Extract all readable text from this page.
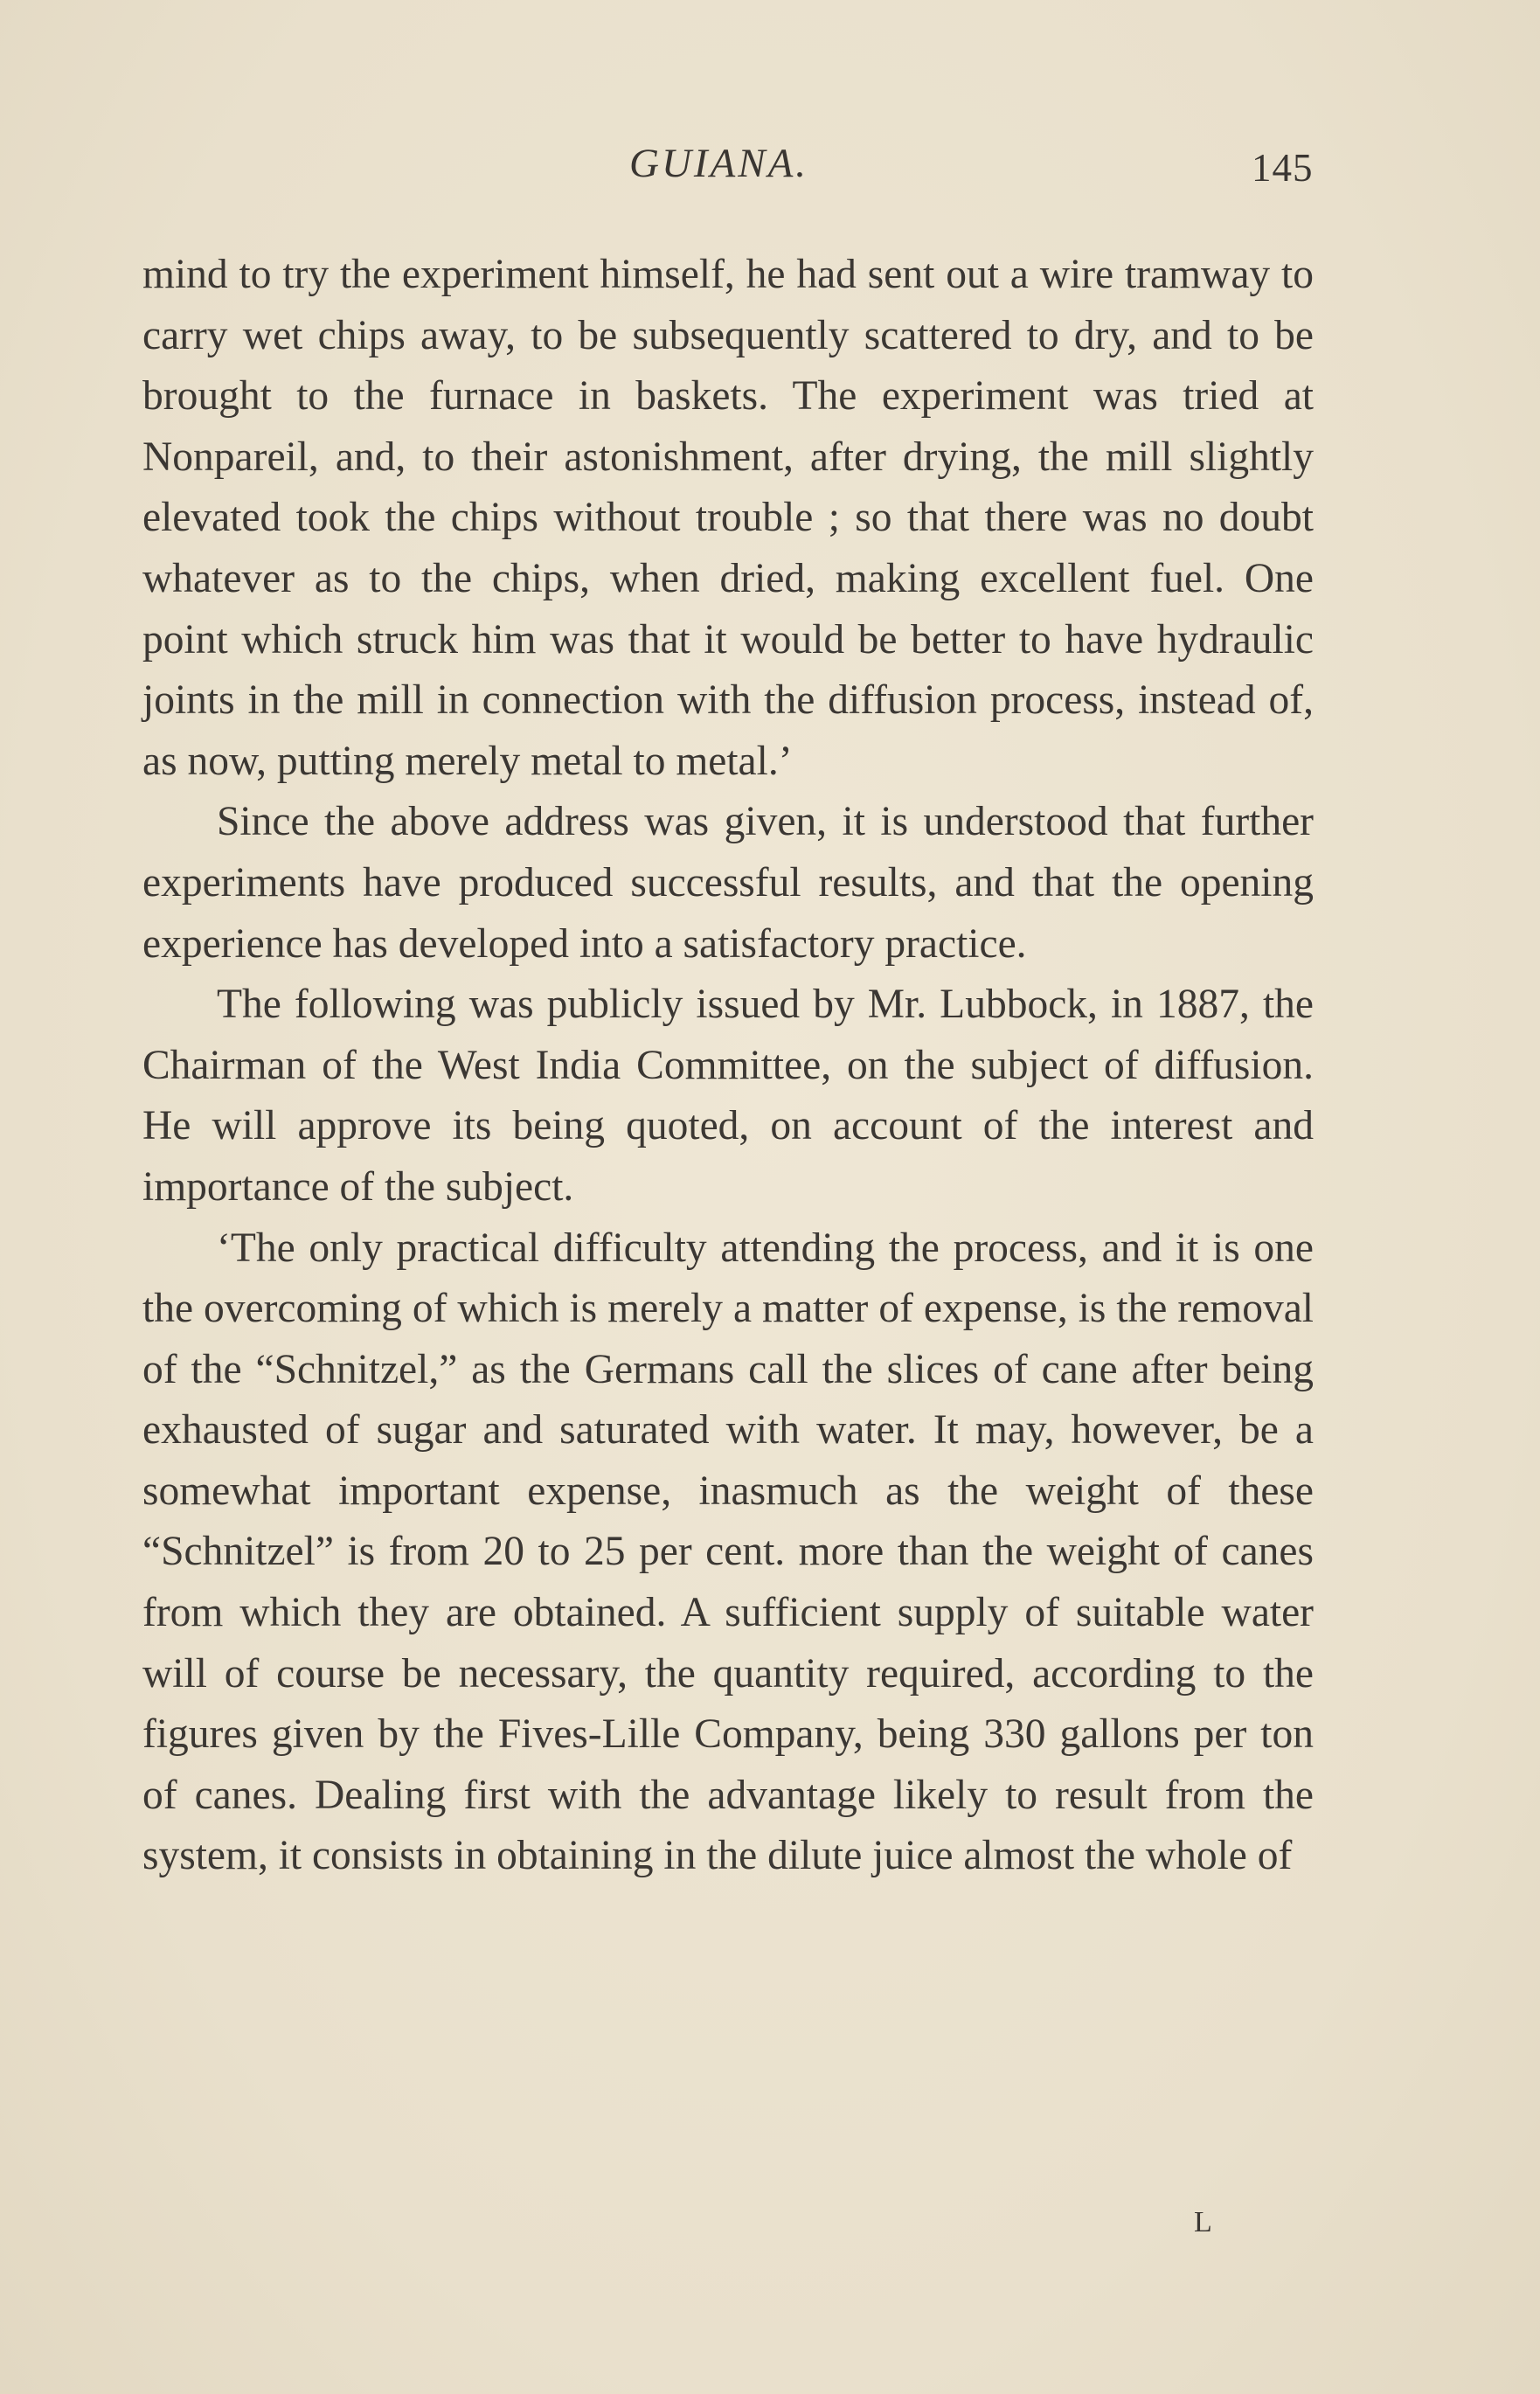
GUIANA.	145

mind to try the experiment himself, he had sent out a wire tramway to carry wet chips away, to be subsequently scattered to dry, and to be brought to the furnace in baskets. The experiment was tried at Nonpareil, and, to their astonishment, after drying, the mill slightly elevated took the chips without trouble ; so that there was no doubt whatever as to the chips, when dried, making excellent fuel. One point which struck him was that it would be better to have hydraulic joints in the mill in connection with the diffusion process, instead of, as now, putting merely metal to metal.’

Since the above address was given, it is understood that further experiments have produced successful results, and that the opening experience has developed into a satisfactory practice.

The following was publicly issued by Mr. Lubbock, in 1887, the Chairman of the West India Committee, on the subject of diffusion. He will approve its being quoted, on account of the interest and importance of the subject.

‘The only practical difficulty attending the process, and it is one the overcoming of which is merely a matter of expense, is the removal of the “Schnitzel,” as the Germans call the slices of cane after being exhausted of sugar and saturated with water. It may, however, be a somewhat important expense, inasmuch as the weight of these “Schnitzel” is from 20 to 25 per cent. more than the weight of canes from which they are obtained. A sufficient supply of suitable water will of course be necessary, the quantity required, according to the figures given by the Fives-Lille Company, being 330 gallons per ton of canes. Dealing first with the advantage likely to result from the system, it consists in obtaining in the dilute juice almost the whole of

L
